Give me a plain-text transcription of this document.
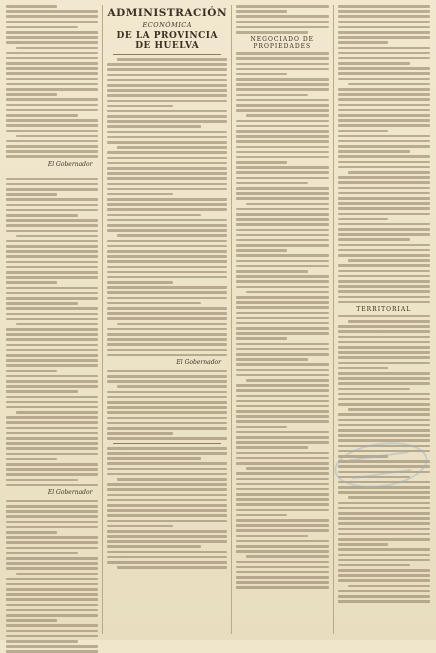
El Gobernador
El Gobernador
ADMINISTRACIÓN
ECONÓMICA
DE LA PROVINCIA DE HUELVA
El Gobernador
NEGOCIADO DE PROPIEDADES
TERRITORIAL
